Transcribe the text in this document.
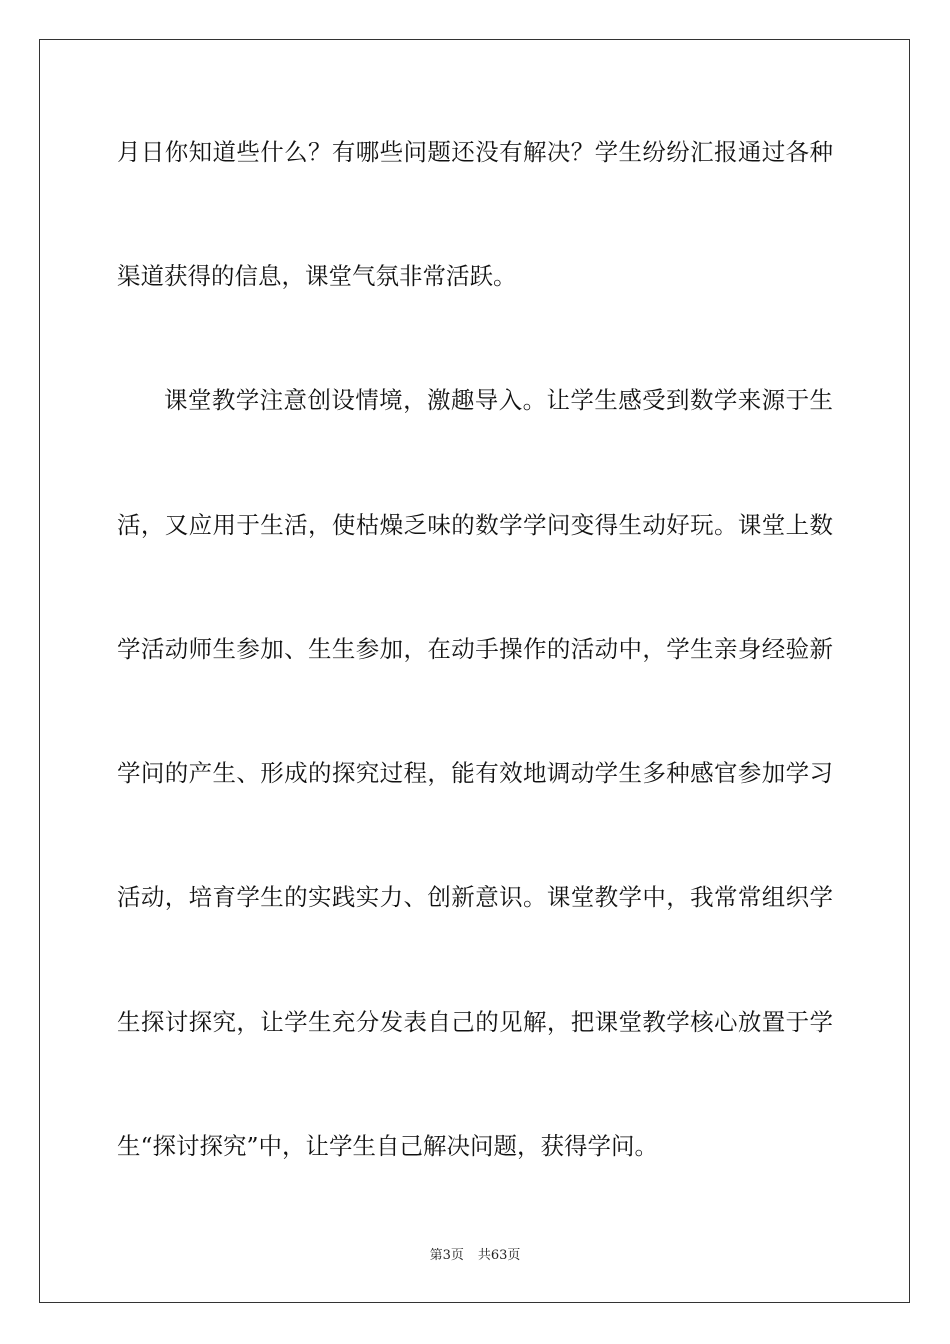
月日你知道些什么？有哪些问题还没有解决？学生纷纷汇报通过各种
渠道获得的信息，课堂气氛非常活跃。
课堂教学注意创设情境，激趣导入。让学生感受到数学来源于生
活，又应用于生活，使枯燥乏味的数学学问变得生动好玩。课堂上数
学活动师生参加、生生参加，在动手操作的活动中，学生亲身经验新
学问的产生、形成的探究过程，能有效地调动学生多种感官参加学习
活动，培育学生的实践实力、创新意识。课堂教学中，我常常组织学
生探讨探究，让学生充分发表自己的见解，把课堂教学核心放置于学
生“探讨探究”中，让学生自己解决问题，获得学问。
第3页 共63页
